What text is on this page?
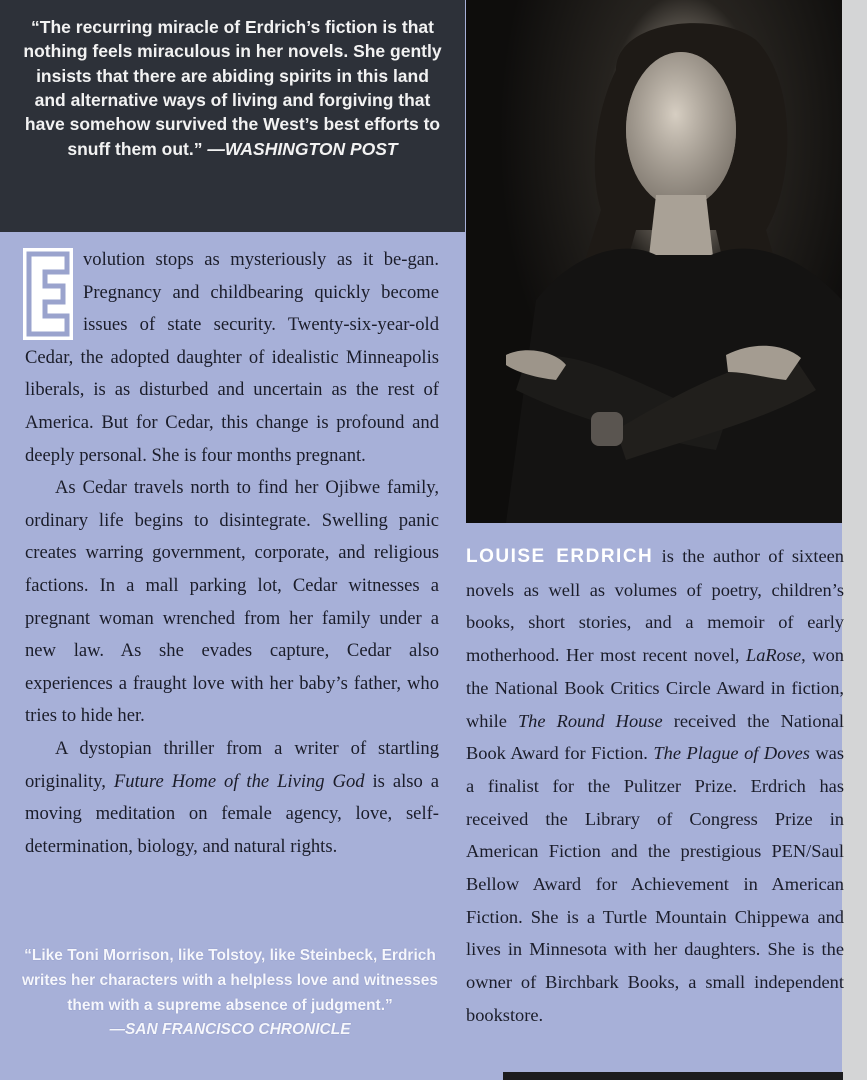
“The recurring miracle of Erdrich’s fiction is that nothing feels miraculous in her novels. She gently insists that there are abiding spirits in this land and alternative ways of living and forgiving that have somehow survived the West’s best efforts to snuff them out.” —WASHINGTON POST

volution stops as mysteriously as it be-gan. Pregnancy and childbearing quickly become issues of state security. Twenty-six-year-old Cedar, the adopted daughter of idealistic Minneapolis liberals, is as disturbed and uncertain as the rest of America. But for Cedar, this change is profound and deeply personal. She is four months pregnant.

As Cedar travels north to find her Ojibwe family, ordinary life begins to disintegrate. Swelling panic creates warring government, corporate, and religious factions. In a mall parking lot, Cedar witnesses a pregnant woman wrenched from her family under a new law. As she evades capture, Cedar also experiences a fraught love with her baby’s father, who tries to hide her.

A dystopian thriller from a writer of startling originality, Future Home of the Living God is also a moving meditation on female agency, love, self-determination, biology, and natural rights.

“Like Toni Morrison, like Tolstoy, like Steinbeck, Erdrich writes her characters with a helpless love and witnesses them with a supreme absence of judgment.”
—SAN FRANCISCO CHRONICLE

LOUISE ERDRICH is the author of sixteen novels as well as volumes of poetry, children’s books, short stories, and a memoir of early motherhood. Her most recent novel, LaRose, won the National Book Critics Circle Award in fiction, while The Round House received the National Book Award for Fiction. The Plague of Doves was a finalist for the Pulitzer Prize. Erdrich has received the Library of Congress Prize in American Fiction and the prestigious PEN/Saul Bellow Award for Achievement in American Fiction. She is a Turtle Mountain Chippewa and lives in Minnesota with her daughters. She is the owner of Birchbark Books, a small independent bookstore.
